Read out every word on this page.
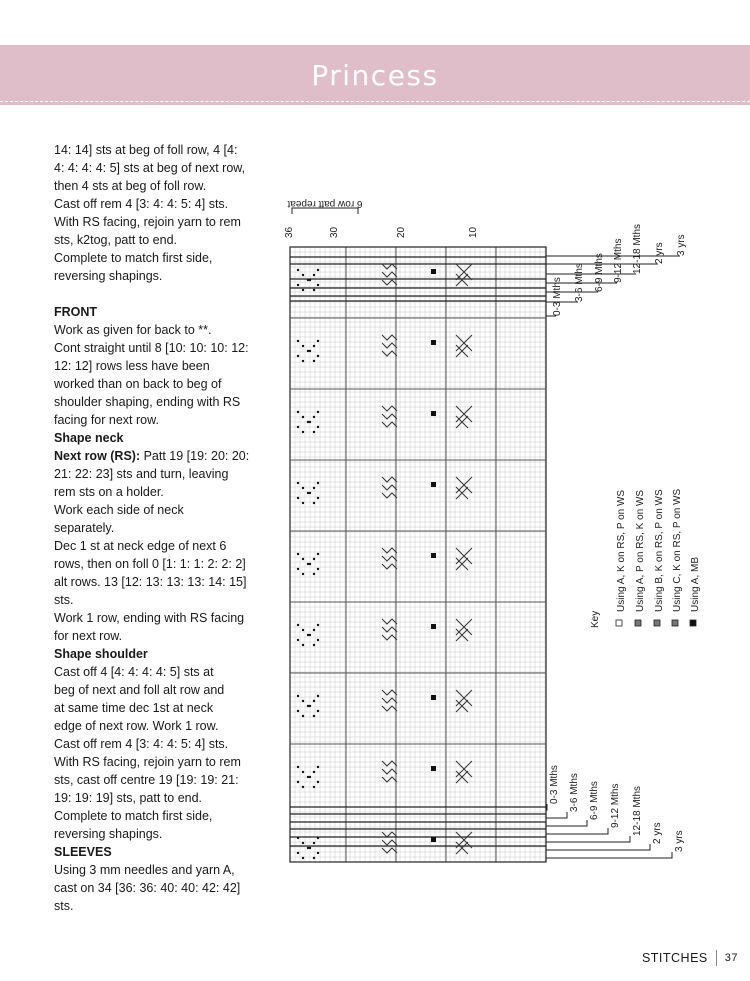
Princess
14: 14] sts at beg of foll row, 4 [4:
4: 4: 4: 4: 5] sts at beg of next row,
then 4 sts at beg of foll row.
Cast off rem 4 [3: 4: 4: 5: 4] sts.
With RS facing, rejoin yarn to rem
sts, k2tog, patt to end.
Complete to match first side,
reversing shapings.

FRONT
Work as given for back to **.
Cont straight until 8 [10: 10: 10: 12:
12: 12] rows less have been
worked than on back to beg of
shoulder shaping, ending with RS
facing for next row.
Shape neck
Next row (RS): Patt 19 [19: 20: 20:
21: 22: 23] sts and turn, leaving
rem sts on a holder.
Work each side of neck
separately.
Dec 1 st at neck edge of next 6
rows, then on foll 0 [1: 1: 1: 2: 2: 2]
alt rows. 13 [12: 13: 13: 13: 14: 15]
sts.
Work 1 row, ending with RS facing
for next row.
Shape shoulder
Cast off 4 [4: 4: 4: 4: 5] sts at
beg of next and foll alt row and
at same time dec 1st at neck
edge of next row. Work 1 row.
Cast off rem 4 [3: 4: 4: 5: 4] sts.
With RS facing, rejoin yarn to rem
sts, cast off centre 19 [19: 19: 21:
19: 19: 19] sts, patt to end.
Complete to match first side,
reversing shapings.
SLEEVES
Using 3 mm needles and yarn A,
cast on 34 [36: 36: 40: 40: 42: 42]
sts.
36	30	20	10
6 row patt repeat
0-3 Mths 3-6 Mths 6-9 Mths 9-12 Mths 12-18 Mths 2 yrs 3 yrs
0-3 Mths 3-6 Mths 6-9 Mths 9-12 Mths 12-18 Mths 2 yrs 3 yrs
Key
Using A, K on RS, P on WS Using A, P on RS, K on WS Using B, K on RS, P on WS Using C, K on RS, P on WS Using A, MB
STITCHES 37
